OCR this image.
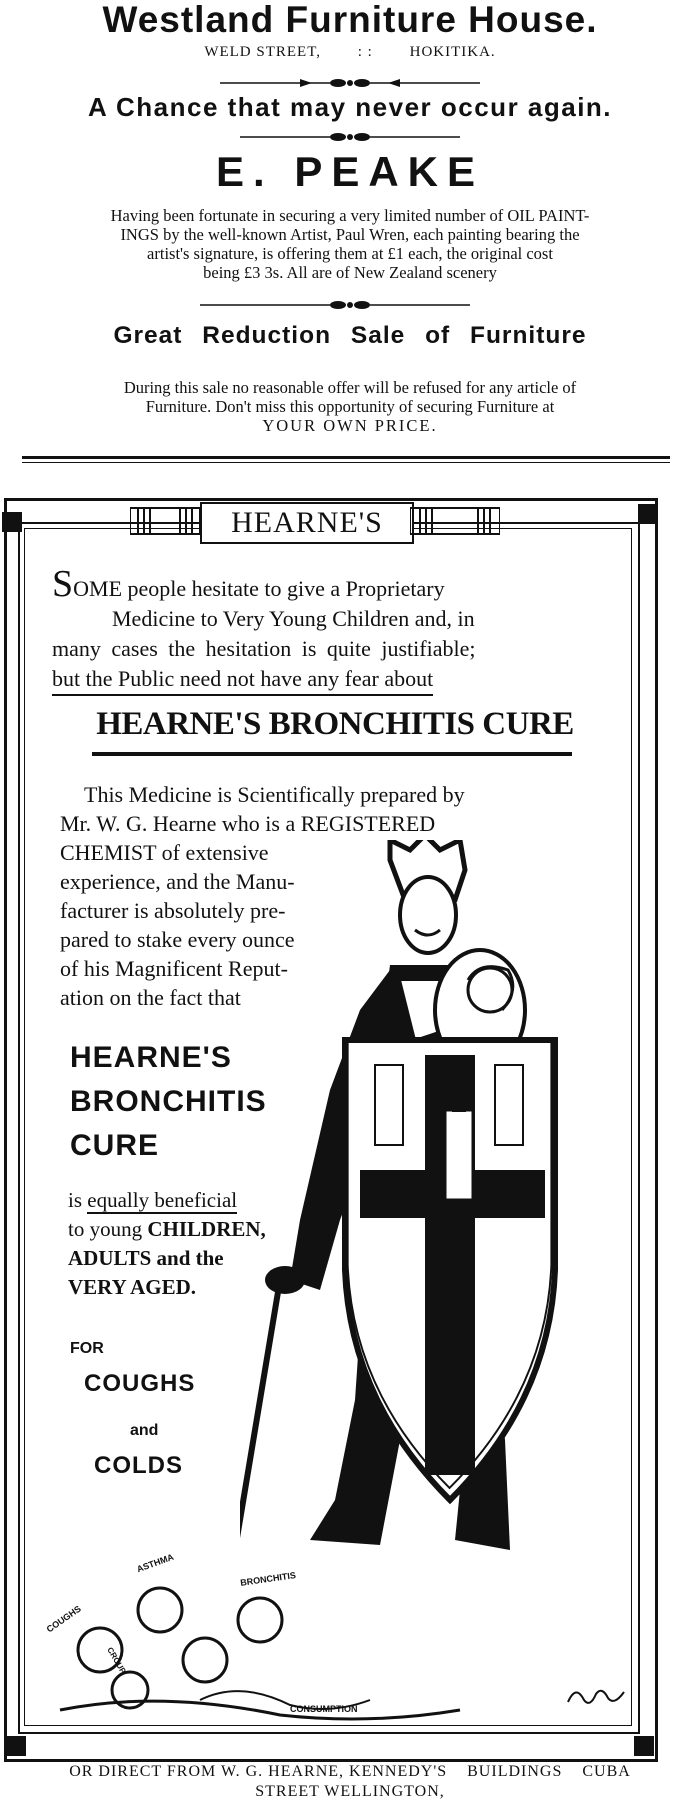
Westland Furniture House.
WELD STREET, : : HOKITIKA.
A Chance that may never occur again.
E. PEAKE
Having been fortunate in securing a very limited number of OIL PAINT-
INGS by the well-known Artist, Paul Wren, each painting bearing the
artist's signature, is offering them at £1 each, the original cost
being £3 3s. All are of New Zealand scenery
Great Reduction Sale of Furniture
During this sale no reasonable offer will be refused for any article of
Furniture. Don't miss this opportunity of securing Furniture at
YOUR OWN PRICE.
HEARNE'S
SOME people hesitate to give a Proprietary
Medicine to Very Young Children and, in
many cases the hesitation is quite justifiable;
but the Public need not have any fear about
HEARNE'S BRONCHITIS CURE
This Medicine is Scientifically prepared by
Mr. W. G. Hearne who is a REGISTERED
CHEMIST of extensive
experience, and the Manu-
facturer is absolutely pre-
pared to stake every ounce
of his Magnificent Reput-
ation on the fact that
HEARNE'S
BRONCHITIS
CURE
is equally beneficial
to young CHILDREN,
ADULTS and the
VERY AGED.
FOR
COUGHS
and
COLDS
COUGHS
ASTHMA
BRONCHITIS
CROUP
CONSUMPTION
OR DIRECT FROM W. G. HEARNE, KENNEDY'S    BUILDINGS    CUBA
STREET WELLINGTON,
